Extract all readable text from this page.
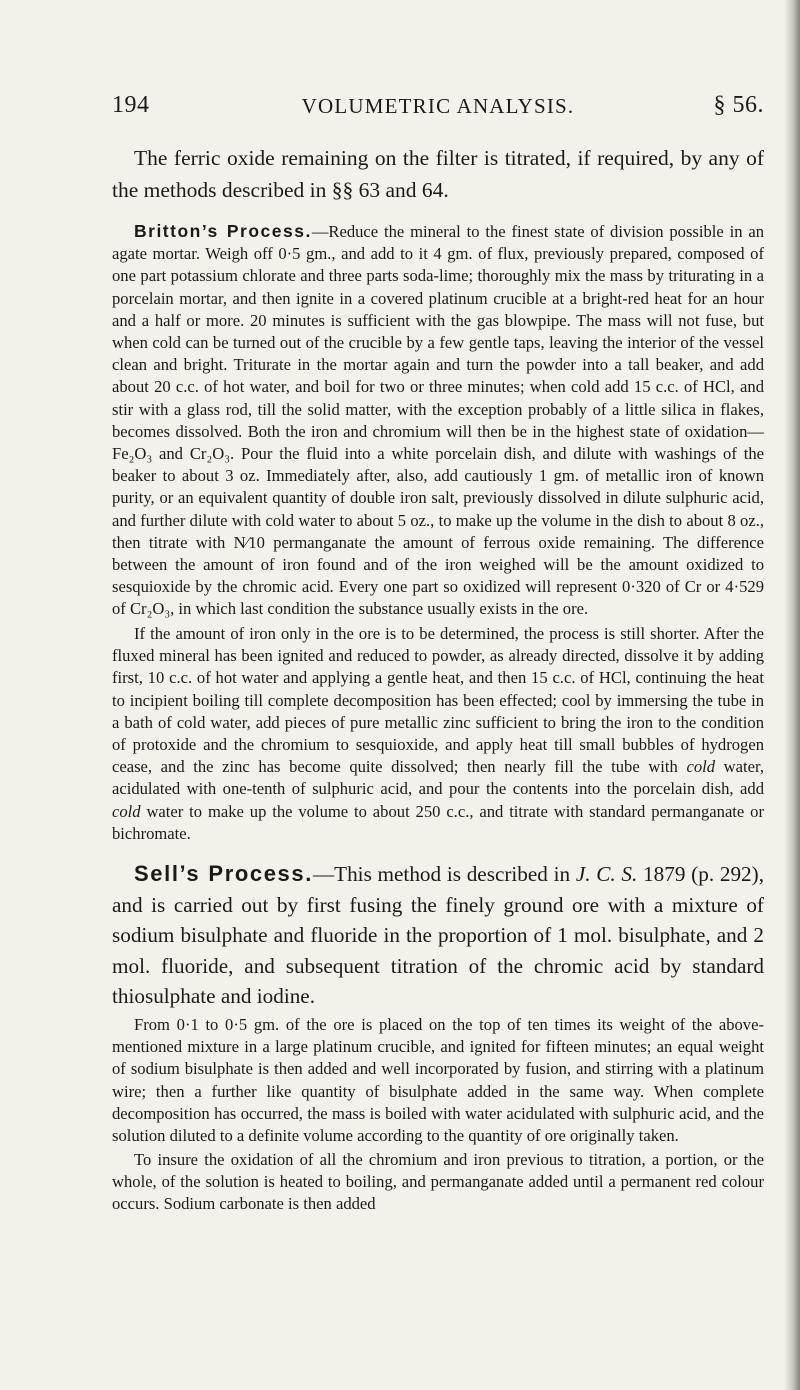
194	VOLUMETRIC ANALYSIS.	§ 56.

The ferric oxide remaining on the filter is titrated, if required, by any of the methods described in §§ 63 and 64.

Britton’s Process.—Reduce the mineral to the finest state of division possible in an agate mortar. Weigh off 0·5 gm., and add to it 4 gm. of flux, previously prepared, composed of one part potassium chlorate and three parts soda-lime; thoroughly mix the mass by triturating in a porcelain mortar, and then ignite in a covered platinum crucible at a bright-red heat for an hour and a half or more. 20 minutes is sufficient with the gas blowpipe. The mass will not fuse, but when cold can be turned out of the crucible by a few gentle taps, leaving the interior of the vessel clean and bright. Triturate in the mortar again and turn the powder into a tall beaker, and add about 20 c.c. of hot water, and boil for two or three minutes; when cold add 15 c.c. of HCl, and stir with a glass rod, till the solid matter, with the exception probably of a little silica in flakes, becomes dissolved. Both the iron and chromium will then be in the highest state of oxidation—Fe₂O₃ and Cr₂O₃. Pour the fluid into a white porcelain dish, and dilute with washings of the beaker to about 3 oz. Immediately after, also, add cautiously 1 gm. of metallic iron of known purity, or an equivalent quantity of double iron salt, previously dissolved in dilute sulphuric acid, and further dilute with cold water to about 5 oz., to make up the volume in the dish to about 8 oz., then titrate with N⁄10 permanganate the amount of ferrous oxide remaining. The difference between the amount of iron found and of the iron weighed will be the amount oxidized to sesquioxide by the chromic acid. Every one part so oxidized will represent 0·320 of Cr or 4·529 of Cr₂O₃, in which last condition the substance usually exists in the ore.

If the amount of iron only in the ore is to be determined, the process is still shorter. After the fluxed mineral has been ignited and reduced to powder, as already directed, dissolve it by adding first, 10 c.c. of hot water and applying a gentle heat, and then 15 c.c. of HCl, continuing the heat to incipient boiling till complete decomposition has been effected; cool by immersing the tube in a bath of cold water, add pieces of pure metallic zinc sufficient to bring the iron to the condition of protoxide and the chromium to sesquioxide, and apply heat till small bubbles of hydrogen cease, and the zinc has become quite dissolved; then nearly fill the tube with cold water, acidulated with one-tenth of sulphuric acid, and pour the contents into the porcelain dish, add cold water to make up the volume to about 250 c.c., and titrate with standard permanganate or bichromate.

Sell’s Process.—This method is described in J. C. S. 1879 (p. 292), and is carried out by first fusing the finely ground ore with a mixture of sodium bisulphate and fluoride in the proportion of 1 mol. bisulphate, and 2 mol. fluoride, and subsequent titration of the chromic acid by standard thiosulphate and iodine.

From 0·1 to 0·5 gm. of the ore is placed on the top of ten times its weight of the above-mentioned mixture in a large platinum crucible, and ignited for fifteen minutes; an equal weight of sodium bisulphate is then added and well incorporated by fusion, and stirring with a platinum wire; then a further like quantity of bisulphate added in the same way. When complete decomposition has occurred, the mass is boiled with water acidulated with sulphuric acid, and the solution diluted to a definite volume according to the quantity of ore originally taken.

To insure the oxidation of all the chromium and iron previous to titration, a portion, or the whole, of the solution is heated to boiling, and permanganate added until a permanent red colour occurs. Sodium carbonate is then added
